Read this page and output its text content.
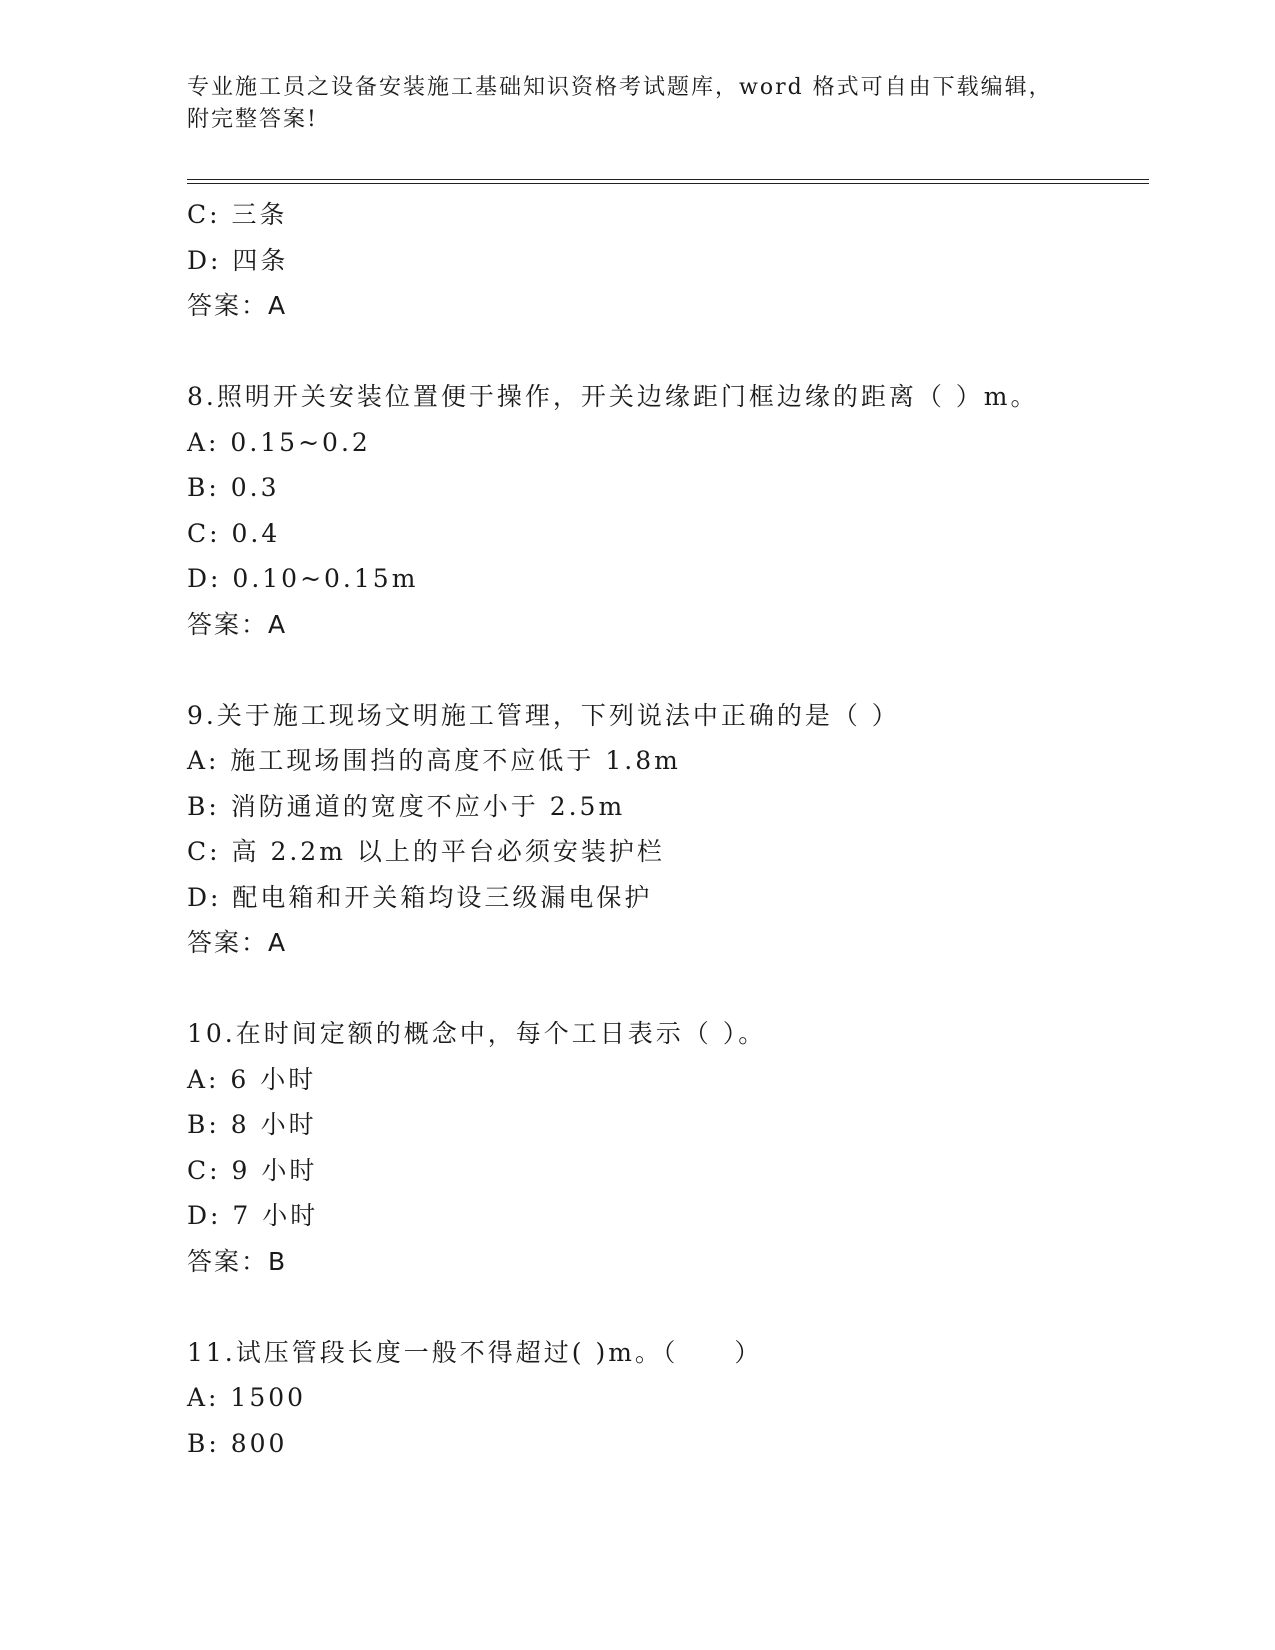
专业施工员之设备安装施工基础知识资格考试题库，word 格式可自由下载编辑，
附完整答案!
C: 三条
D: 四条
答案：A
8.照明开关安装位置便于操作，开关边缘距门框边缘的距离（ ）m。
A: 0.15~0.2
B: 0.3
C: 0.4
D: 0.10~0.15m
答案：A
9.关于施工现场文明施工管理，下列说法中正确的是（ ）
A: 施工现场围挡的高度不应低于 1.8m
B: 消防通道的宽度不应小于 2.5m
C: 高 2.2m 以上的平台必须安装护栏
D: 配电箱和开关箱均设三级漏电保护
答案：A
10.在时间定额的概念中，每个工日表示（ ）。
A: 6 小时
B: 8 小时
C: 9 小时
D: 7 小时
答案：B
11.试压管段长度一般不得超过( )m。（　　）
A: 1500
B: 800
